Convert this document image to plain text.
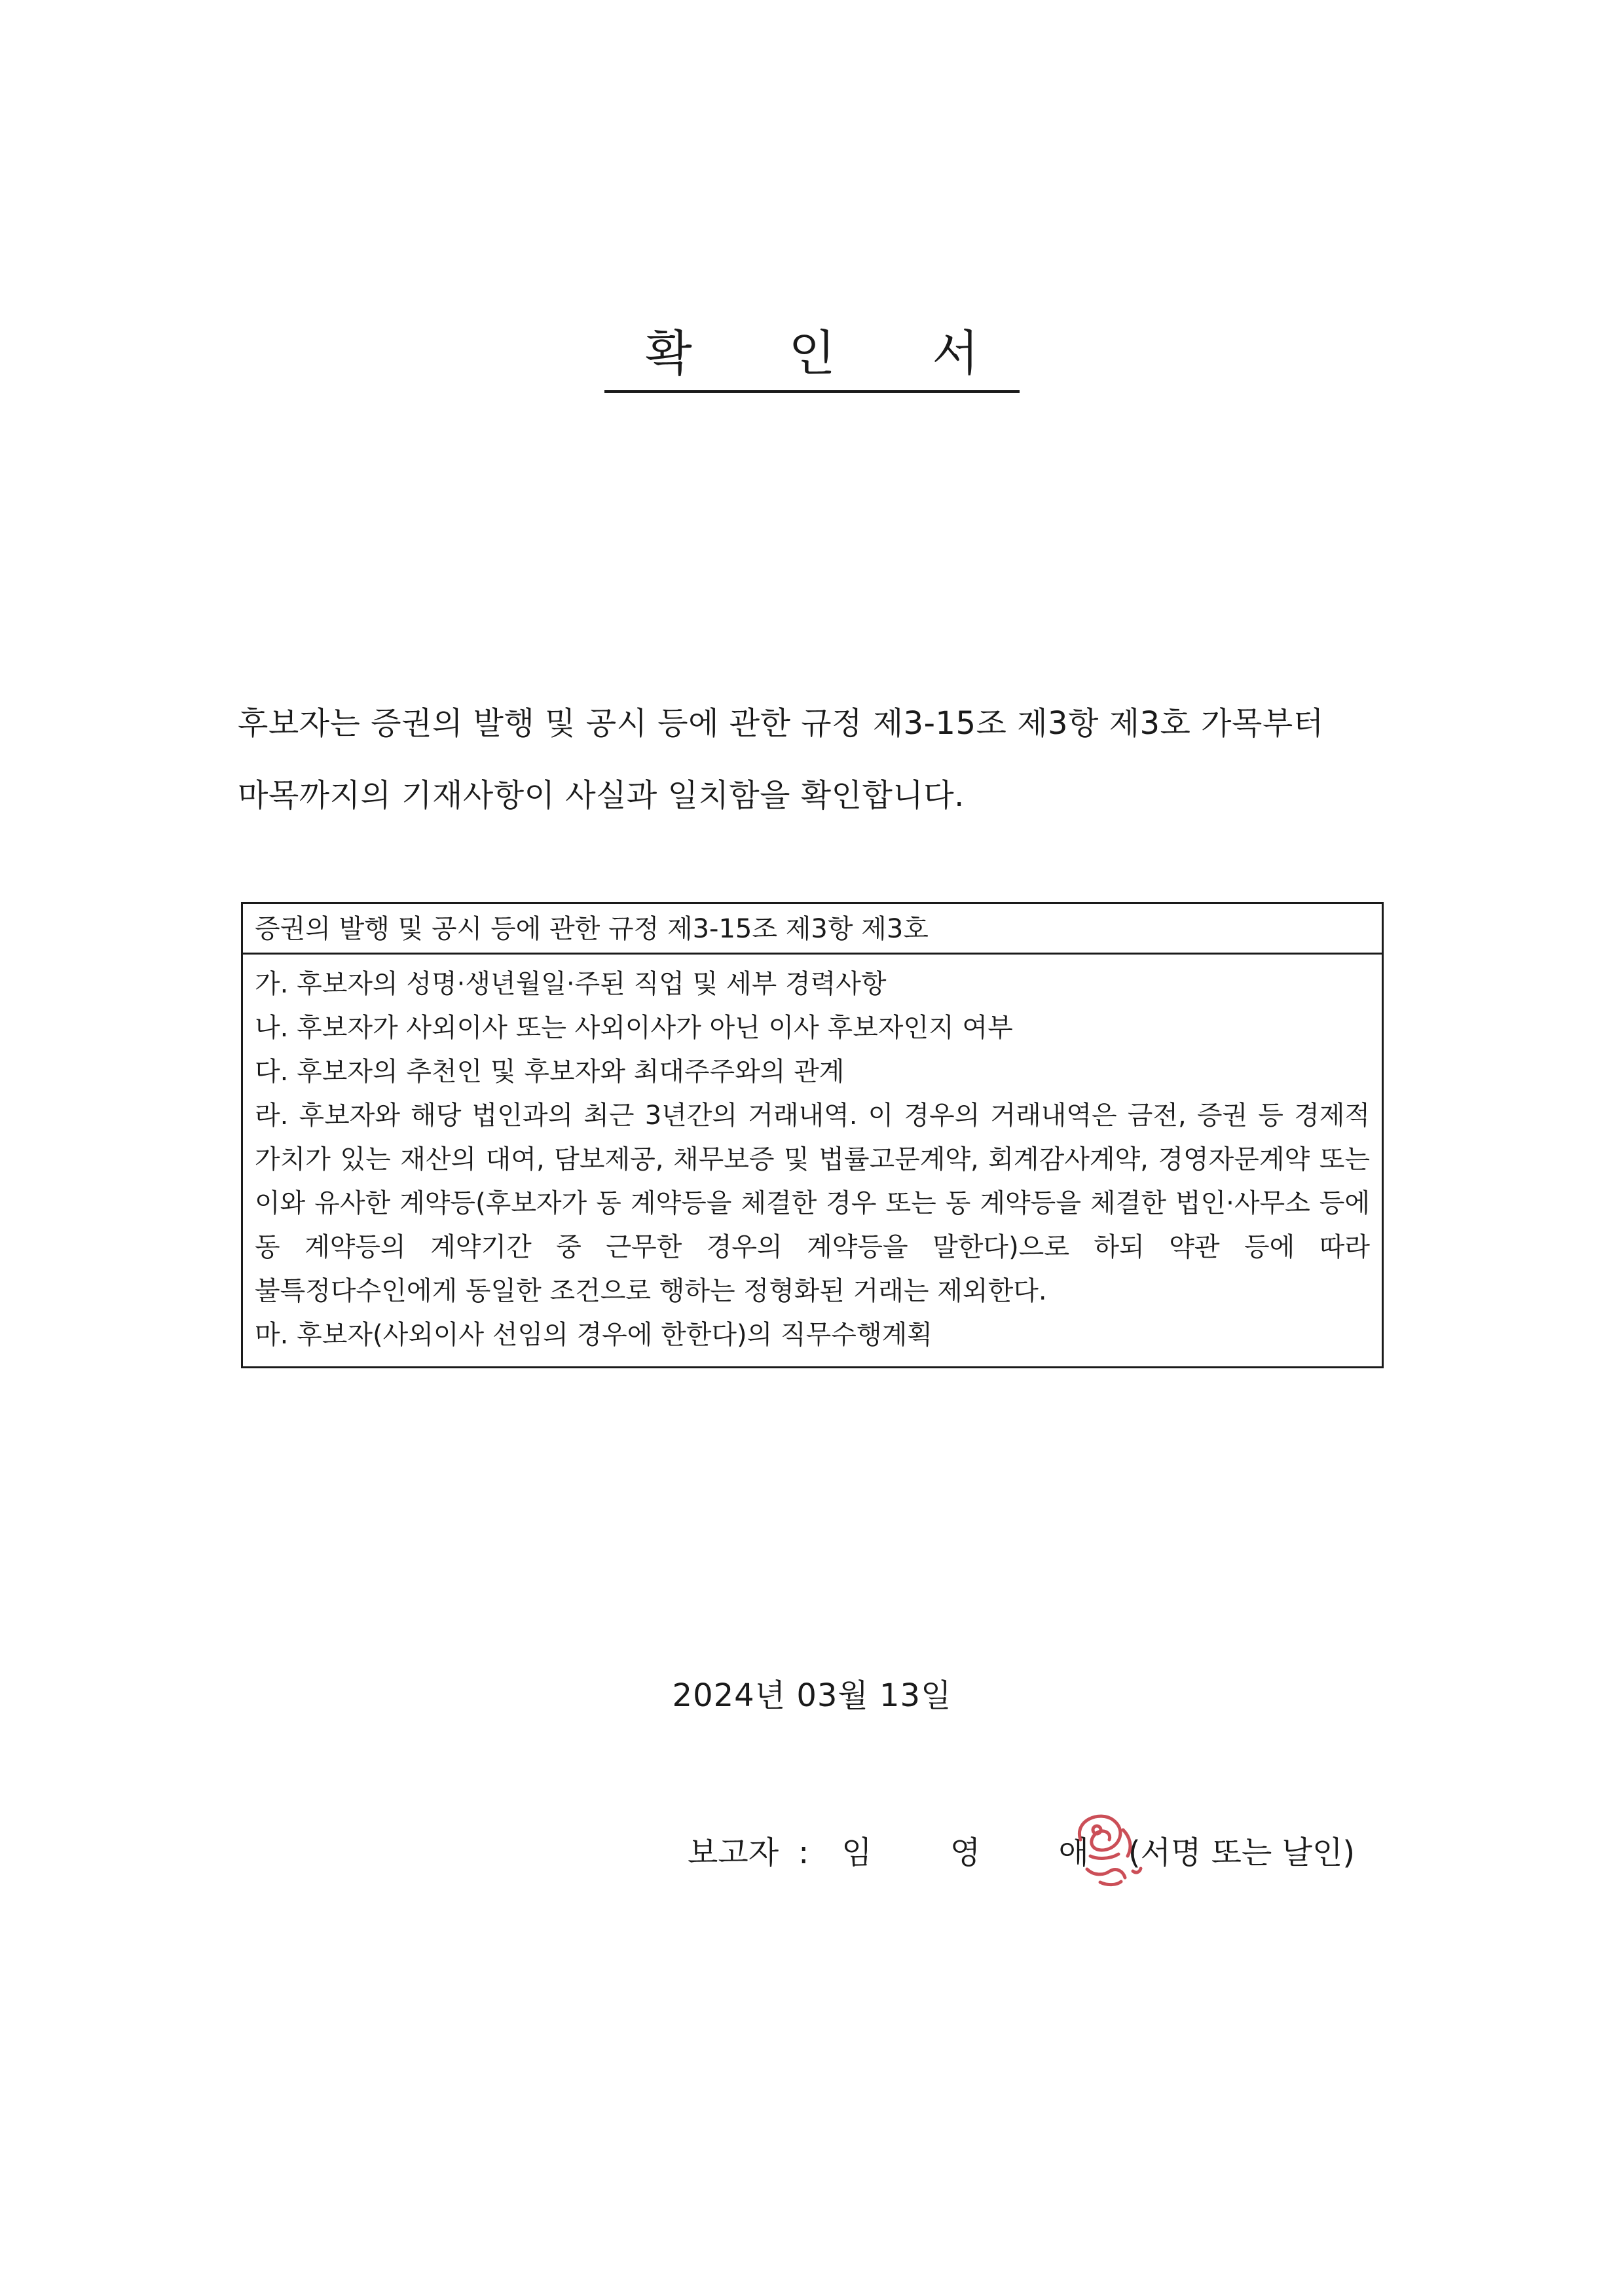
확 인 서
후보자는 증권의 발행 및 공시 등에 관한 규정 제3-15조 제3항 제3호 가목부터 마목까지의 기재사항이 사실과 일치함을 확인합니다.
증권의 발행 및 공시 등에 관한 규정 제3-15조 제3항 제3호
가. 후보자의 성명·생년월일·주된 직업 및 세부 경력사항
나. 후보자가 사외이사 또는 사외이사가 아닌 이사 후보자인지 여부
다. 후보자의 추천인 및 후보자와 최대주주와의 관계
라. 후보자와 해당 법인과의 최근 3년간의 거래내역. 이 경우의 거래내역은 금전, 증권 등 경제적 가치가 있는 재산의 대여, 담보제공, 채무보증 및 법률고문계약, 회계감사계약, 경영자문계약 또는 이와 유사한 계약등(후보자가 동 계약등을 체결한 경우 또는 동 계약등을 체결한 법인·사무소 등에 동 계약등의 계약기간 중 근무한 경우의 계약등을 말한다)으로 하되 약관 등에 따라 불특정다수인에게 동일한 조건으로 행하는 정형화된 거래는 제외한다.
마. 후보자(사외이사 선임의 경우에 한한다)의 직무수행계획
2024년 03월 13일
보고자 : 임 영 애 (서명 또는 날인)
